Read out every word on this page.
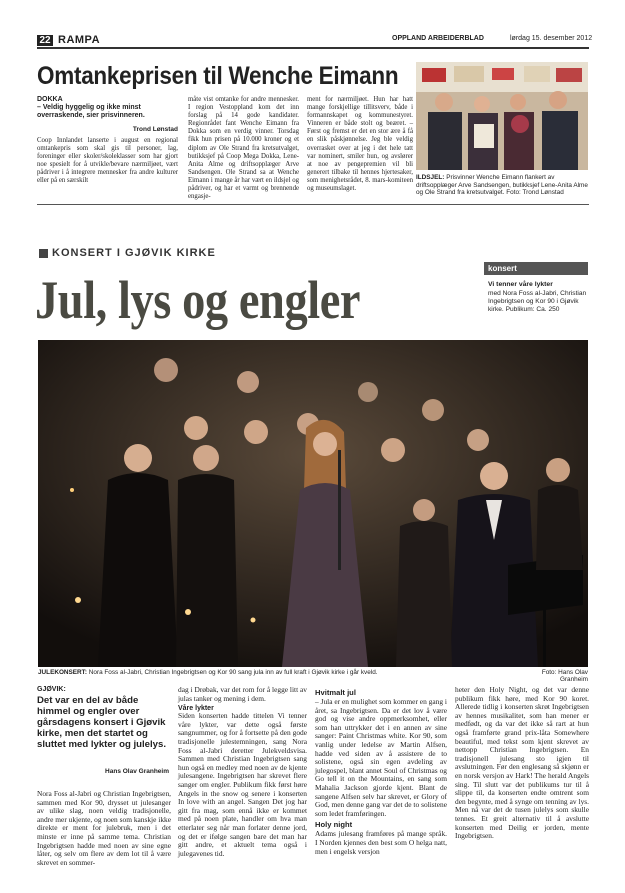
22 RAMPA	OPPLAND ARBEIDERBLAD	lørdag 15. desember 2012
Omtankeprisen til Wenche Eimann
DOKKA
– Veldig hyggelig og ikke minst overraskende, sier prisvinneren.
Trond Lønstad
Coop Innlandet lanserte i august en regional omtankepris som skal gis til personer, lag, foreninger eller skoler/skoleklasser som har gjort noe spesielt for å utvikle/bevare nærmiljøet, vært pådriver i å integrere mennesker fra andre kulturer eller på en særskilt
måte vist omtanke for andre mennesker. I region Vestoppland kom det inn forslag på 14 gode kandidater. Regionrådet fant Wenche Eimann fra Dokka som en verdig vinner. Torsdag fikk hun prisen på 10.000 kroner og et diplom av Ole Strand fra kretsutvalget, butikksjef på Coop Mega Dokka, Lene-Anita Alme og driftsopplæger Arve Sandsengen. Ole Strand sa at Wenche Eimann i mange år har vært en ildsjel og pådriver, og har et varmt og brennende engasje-
ment for nærmiljøet. Hun har hatt mange forskjellige tillitsverv, både i formannskapet og kommunestyret. Vinneren er både stolt og beæret. – Først og fremst er det en stor ære å få en slik påskjønnelse. Jeg ble veldig overrasket over at jeg i det hele tatt var nominert, smiler hun, og avslører at noe av pengepremien vil bli generert tilbake til hennes hjertesaker, som menighetsrådet, 8. mars-komiteen og museumslaget.
ILDSJEL: Prisvinner Wenche Eimann flankert av driftsopplæger Arve Sandsengen, butikksjef Lene-Anita Alme og Ole Strand fra kretsutvalget. Foto: Trond Lønstad
KONSERT I GJØVIK KIRKE
Jul, lys og engler
konsert
Vi tenner våre lykter
med Nora Foss al-Jabri, Christian Ingebrigtsen og Kor 90 i Gjøvik kirke. Publikum: Ca. 250
JULEKONSERT: Nora Foss al-Jabri, Christian Ingebrigtsen og Kor 90 sang jula inn av full kraft i Gjøvik kirke i går kveld.	Foto: Hans Olav Granheim
GJØVIK:
Det var en del av både himmel og engler over gårsdagens konsert i Gjøvik kirke, men det startet og sluttet med lykter og julelys.
Hans Olav Granheim
Nora Foss al-Jabri og Christian Ingebrigtsen, sammen med Kor 90, drysset ut julesanger av ulike slag, noen veldig tradisjonelle, andre mer ukjente, og noen som kanskje ikke direkte er ment for julebruk, men i det minste er inne på samme tema. Christian Ingebrigtsen hadde med noen av sine egne låter, og selv om flere av dem lot til å være skrevet en sommer-
dag i Drøbak, var det rom for å legge litt av julas tanker og mening i dem.
Våre lykter
Siden konserten hadde tittelen Vi tenner våre lykter, var dette også første sangnummer, og for å fortsette på den gode tradisjonelle julestemningen, sang Nora Foss al-Jabri deretter Julekveldsvisa. Sammen med Christian Ingebrigtsen sang hun også en medley med noen av de kjente julesangene. Ingebrigtsen har skrevet flere sanger om engler. Publikum fikk først høre Angels in the snow og senere i konserten In love with an angel. Sangen Det jog har gitt fra mag, som ennå ikke er kommet med på noen plate, handler om hva man etterlater seg når man forlater denne jord, og det er ifølge sangen bare det man har gitt andre, et aktuelt tema også i julegavenes tid.
Hvitmalt jul
– Jula er en mulighet som kommer en gang i året, sa Ingebrigtsen. Da er det lov å være god og vise andre oppmerksomhet, eller som han uttrykker det i en annen av sine sanger: Paint Christmas white. Kor 90, som vanlig under ledelse av Martin Alfsen, hadde ved siden av å assistere de to solistene, også sin egen avdeling av julegospel, blant annet Soul of Christmas og Go tell it on the Mountains, en sang som Mahalia Jackson gjorde kjent. Blant de sangene Alfsen selv har skrevet, er Glory of God, men denne gang var det de to solistene som ledet framføringen.
Holy night
Adams julesang framføres på mange språk. I Norden kjennes den best som O helga natt, men i engelsk versjon
heter den Holy Night, og det var denne publikum fikk høre, med Kor 90 koret. Allerede tidlig i konserten skrøt Ingebrigtsen av hennes musikalitet, som han mener er medfødt, og da var det ikke så rart at hun også framførte grand prix-låta Somewhere beautiful, med tekst som kjent skrevet av nettopp Christian Ingebrigtsen. En tradisjonell julesang sto igjen til avslutningen. Før den englesang så skjønn er en norsk versjon av Hark! The herald Angels sing. Til slutt var det publikums tur til å slippe til, da konserten endte omtrent som den begynte, med å synge om tenning av lys. Men nå var det de tusen julelys som skulle tennes. Et greit alternativ til å avslutte konserten med Deilig er jorden, mente Ingebrigtsen.
